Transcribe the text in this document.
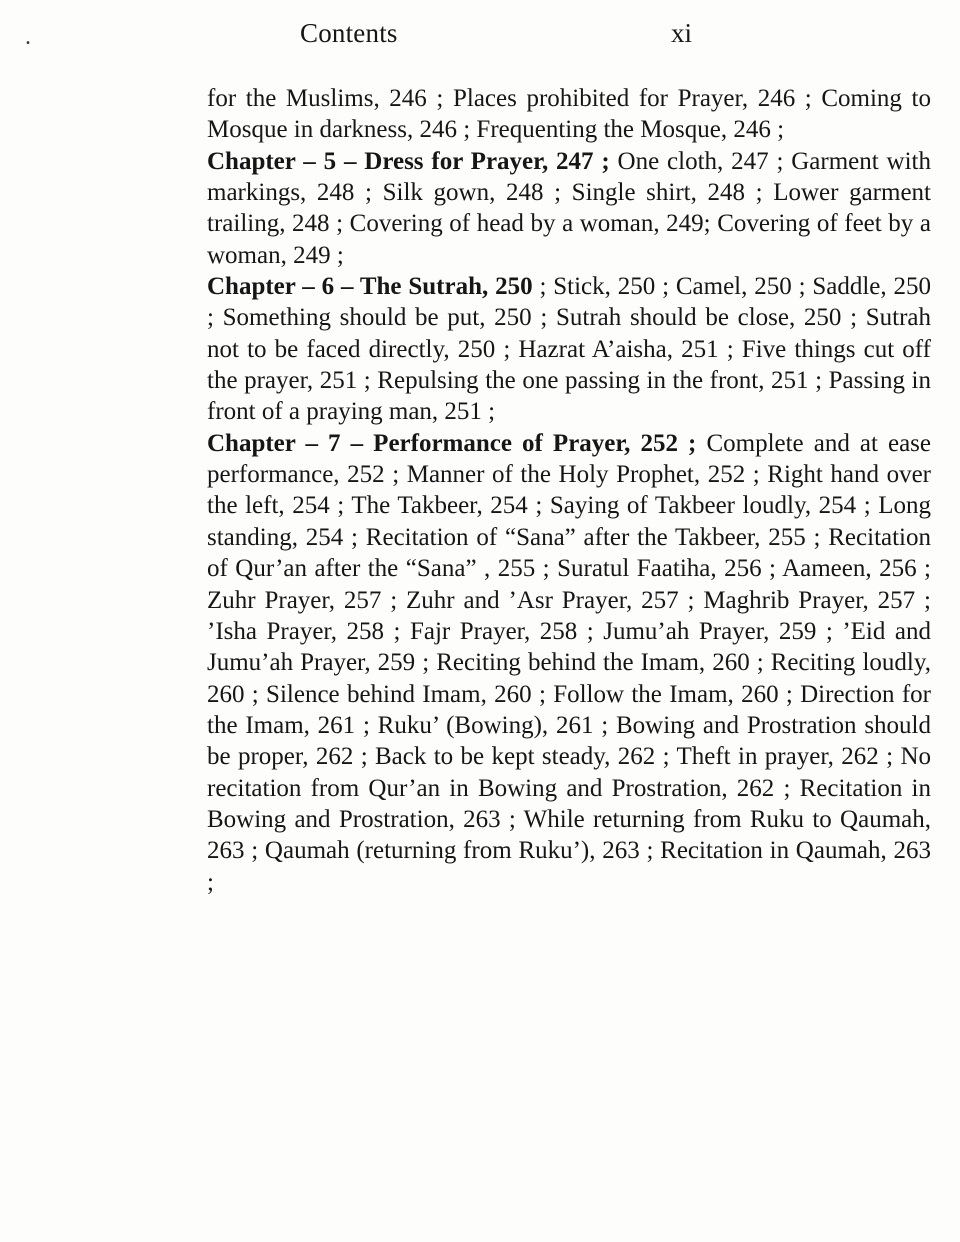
.	Contents	xi

for the Muslims, 246 ; Places prohibited for Prayer, 246 ; Coming to Mosque in darkness, 246 ; Frequenting the Mosque, 246 ;

Chapter – 5 – Dress for Prayer, 247 ; One cloth, 247 ; Garment with markings, 248 ; Silk gown, 248 ; Single shirt, 248 ; Lower garment trailing, 248 ; Covering of head by a woman, 249; Covering of feet by a woman, 249 ;

Chapter – 6 – The Sutrah, 250 ; Stick, 250 ; Camel, 250 ; Saddle, 250 ; Something should be put, 250 ; Sutrah should be close, 250 ; Sutrah not to be faced directly, 250 ; Hazrat A’aisha, 251 ; Five things cut off the prayer, 251 ; Repulsing the one passing in the front, 251 ; Passing in front of a praying man, 251 ;

Chapter – 7 – Performance of Prayer, 252 ; Complete and at ease performance, 252 ; Manner of the Holy Prophet, 252 ; Right hand over the left, 254 ; The Takbeer, 254 ; Saying of Takbeer loudly, 254 ; Long standing, 254 ; Recitation of “Sana” after the Takbeer, 255 ; Recitation of Qur’an after the “Sana” , 255 ; Suratul Faatiha, 256 ; Aameen, 256 ; Zuhr Prayer, 257 ; Zuhr and ’Asr Prayer, 257 ; Maghrib Prayer, 257 ; ’Isha Prayer, 258 ; Fajr Prayer, 258 ; Jumu’ah Prayer, 259 ; ’Eid and Jumu’ah Prayer, 259 ; Reciting behind the Imam, 260 ; Reciting loudly, 260 ; Silence behind Imam, 260 ; Follow the Imam, 260 ; Direction for the Imam, 261 ; Ruku’ (Bowing), 261 ; Bowing and Prostration should be proper, 262 ; Back to be kept steady, 262 ; Theft in prayer, 262 ; No recitation from Qur’an in Bowing and Prostration, 262 ; Recitation in Bowing and Prostration, 263 ; While returning from Ruku to Qaumah, 263 ; Qaumah (returning from Ruku’), 263 ; Recitation in Qaumah, 263 ;
